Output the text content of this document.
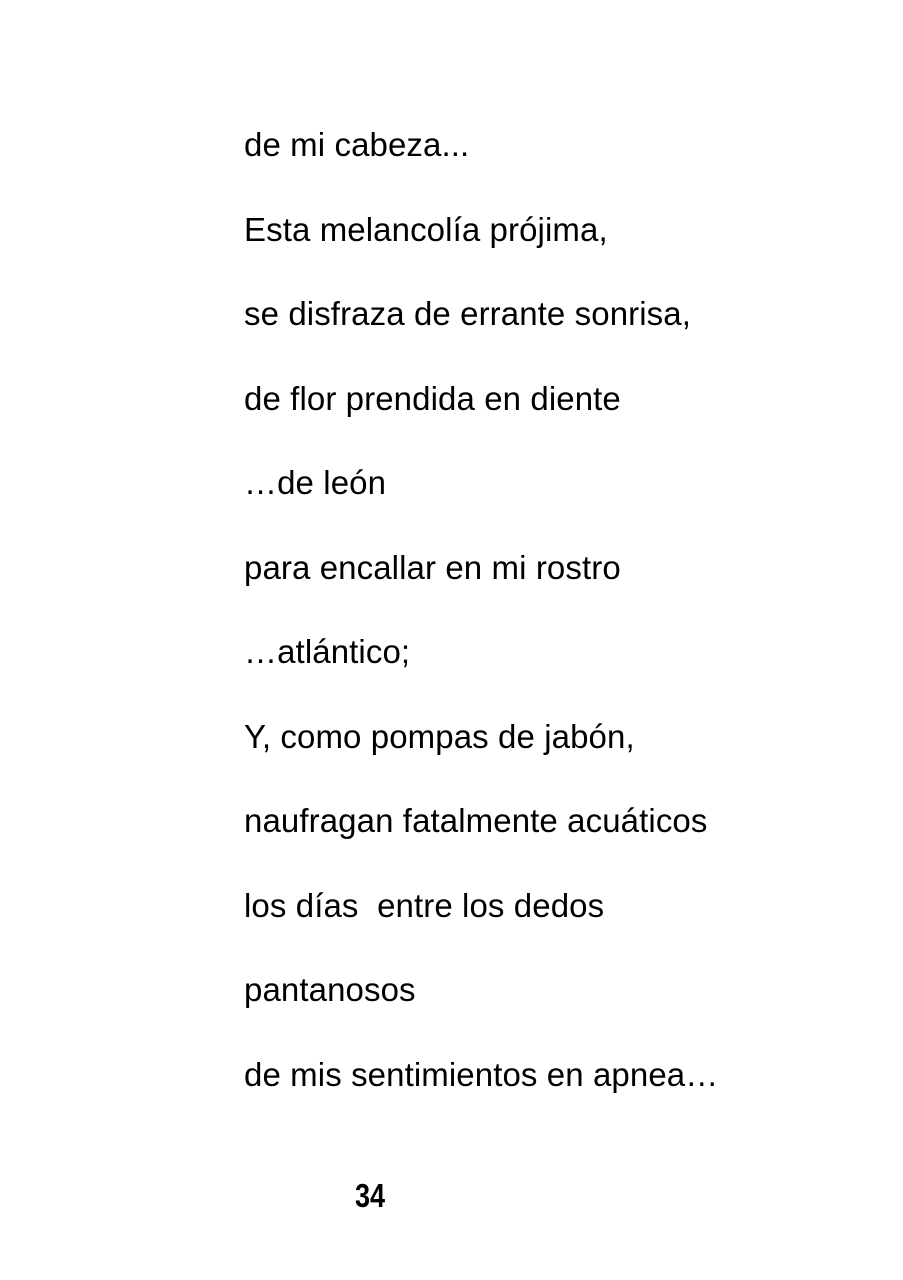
de mi cabeza...
Esta melancolía prójima,
se disfraza de errante sonrisa,
de flor prendida en diente
…de león
para encallar en mi rostro
…atlántico;
Y, como pompas de jabón,
naufragan fatalmente acuáticos
los días  entre los dedos
pantanosos
de mis sentimientos en apnea…
34
